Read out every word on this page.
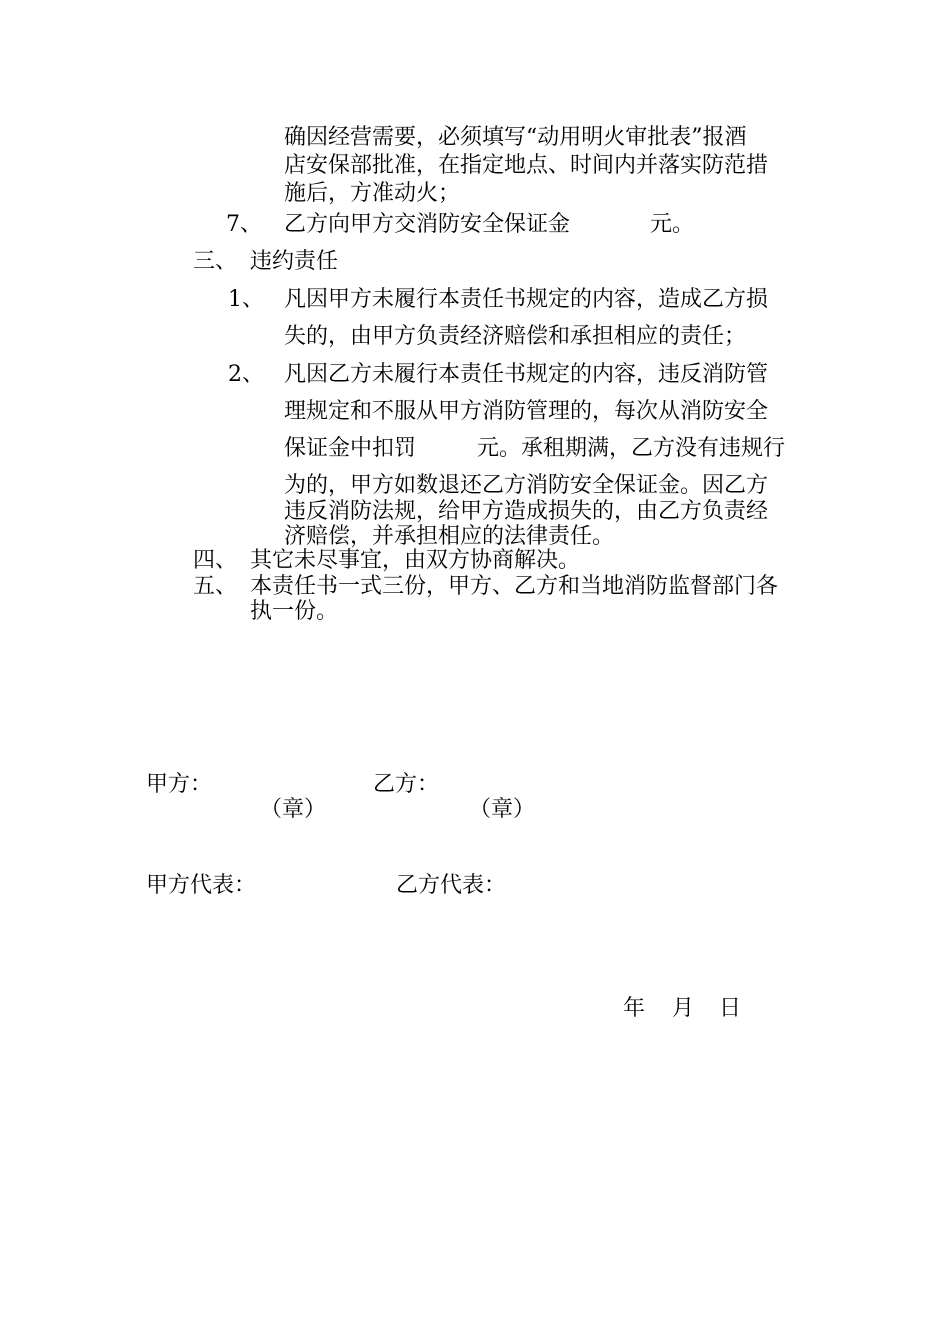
确因经营需要，必须填写“动用明火审批表”报酒
店安保部批准，在指定地点、时间内并落实防范措
施后，方准动火；
7、 乙方向甲方交消防安全保证金	元。
三、 违约责任
1、 凡因甲方未履行本责任书规定的内容，造成乙方损
失的，由甲方负责经济赔偿和承担相应的责任；
2、 凡因乙方未履行本责任书规定的内容，违反消防管
理规定和不服从甲方消防管理的，每次从消防安全
保证金中扣罚	元。承租期满，乙方没有违规行
为的，甲方如数退还乙方消防安全保证金。因乙方
违反消防法规，给甲方造成损失的，由乙方负责经
济赔偿，并承担相应的法律责任。
四、 其它未尽事宜，由双方协商解决。
五、 本责任书一式三份，甲方、乙方和当地消防监督部门各
执一份。
甲方：	乙方：
（章）	（章）
甲方代表：	乙方代表：
年 月 日
